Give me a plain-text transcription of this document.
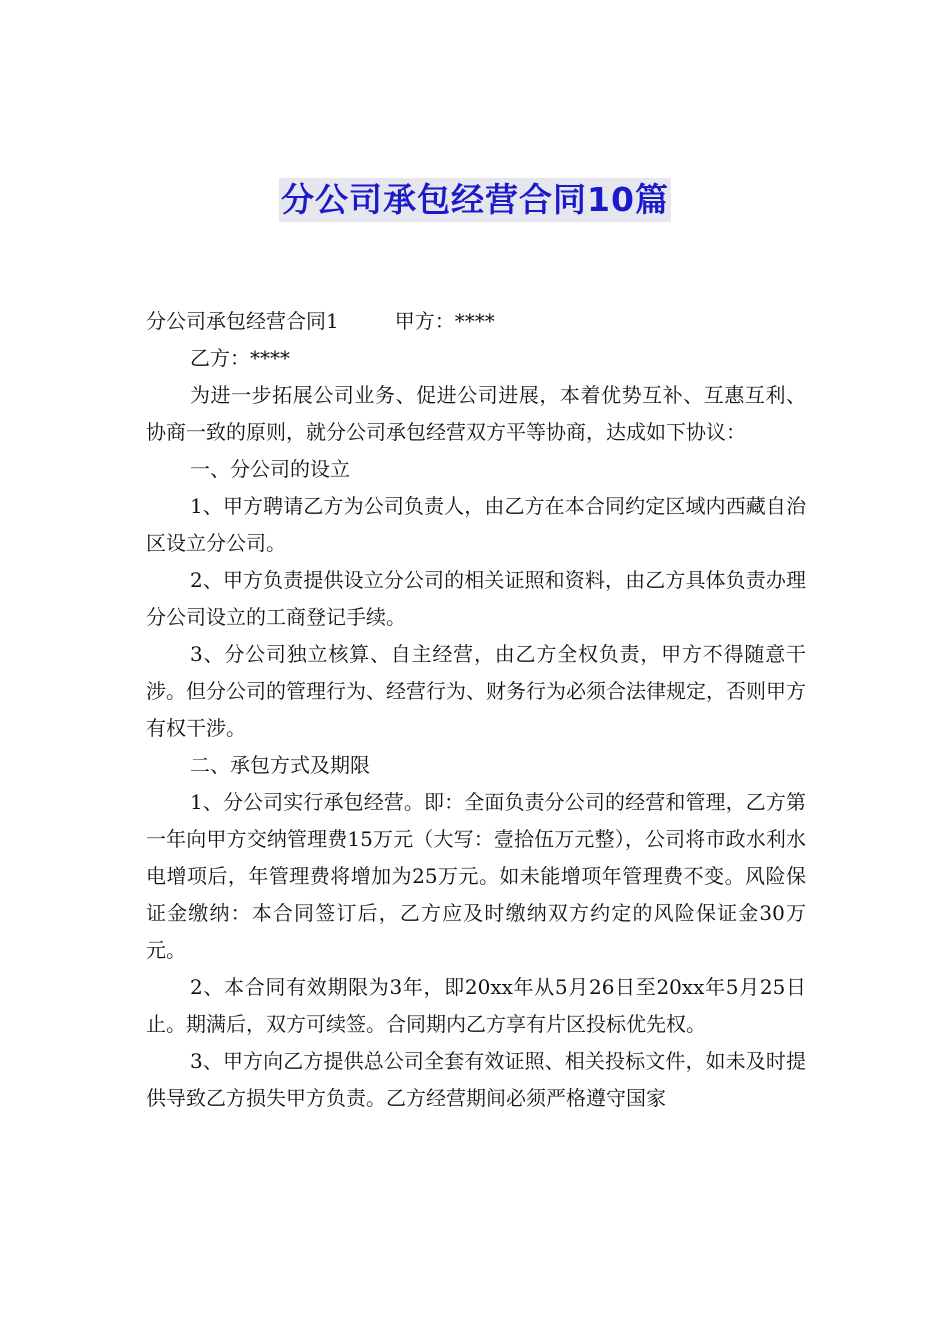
分公司承包经营合同10篇

分公司承包经营合同1	甲方：****

乙方：****

为进一步拓展公司业务、促进公司进展，本着优势互补、互惠互利、协商一致的原则，就分公司承包经营双方平等协商，达成如下协议：

一、分公司的设立

1、甲方聘请乙方为公司负责人，由乙方在本合同约定区域内西藏自治区设立分公司。

2、甲方负责提供设立分公司的相关证照和资料，由乙方具体负责办理分公司设立的工商登记手续。

3、分公司独立核算、自主经营，由乙方全权负责，甲方不得随意干涉。但分公司的管理行为、经营行为、财务行为必须合法律规定，否则甲方有权干涉。

二、承包方式及期限

1、分公司实行承包经营。即：全面负责分公司的经营和管理，乙方第一年向甲方交纳管理费15万元（大写：壹拾伍万元整），公司将市政水利水电增项后，年管理费将增加为25万元。如未能增项年管理费不变。风险保证金缴纳：本合同签订后，乙方应及时缴纳双方约定的风险保证金30万元。

2、本合同有效期限为3年，即20xx年从5月26日至20xx年5月25日止。期满后，双方可续签。合同期内乙方享有片区投标优先权。

3、甲方向乙方提供总公司全套有效证照、相关投标文件，如未及时提供导致乙方损失甲方负责。乙方经营期间必须严格遵守国家
